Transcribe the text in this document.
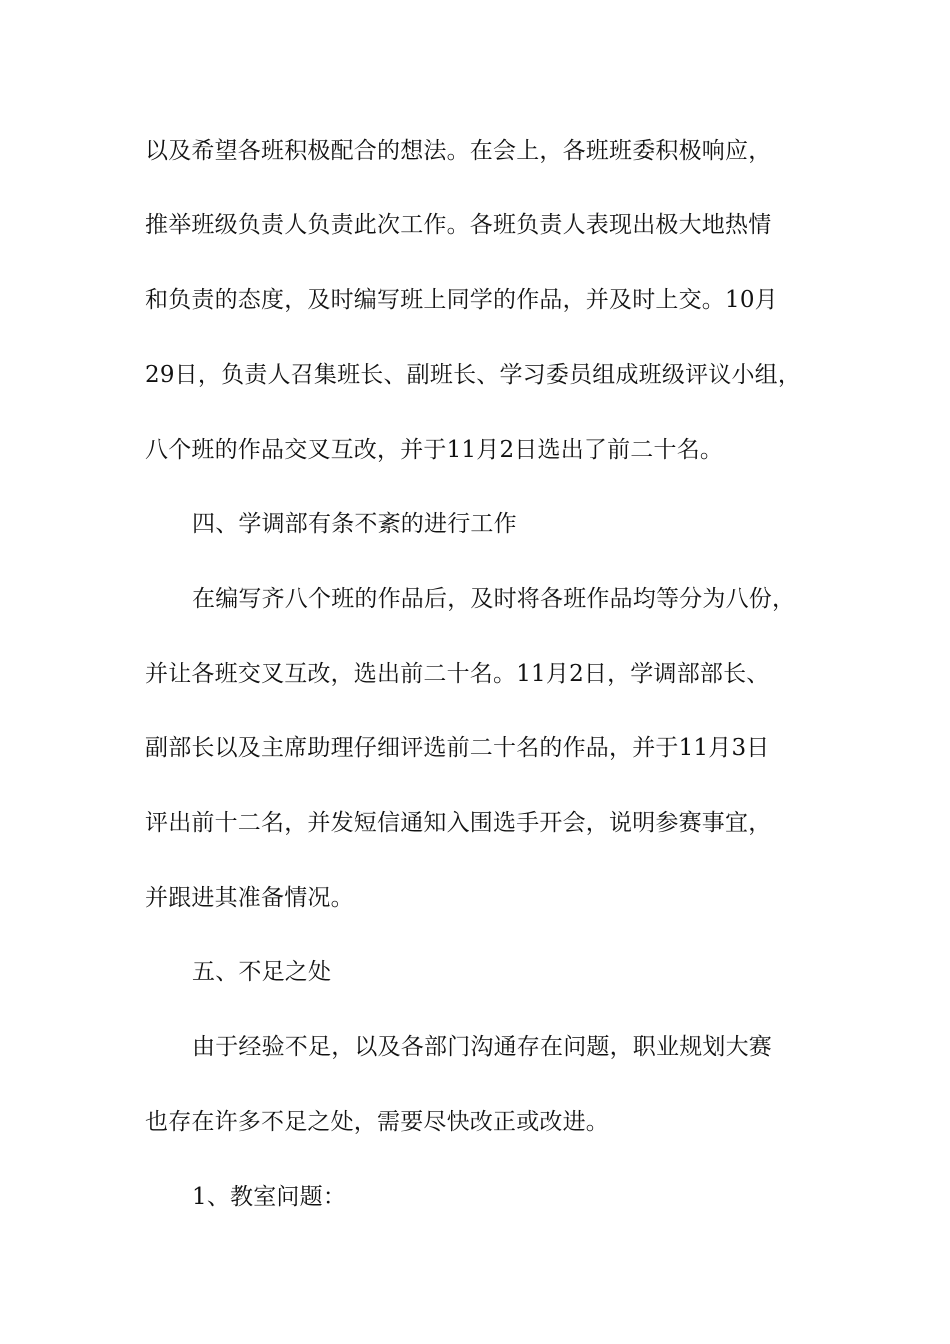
以及希望各班积极配合的想法。在会上，各班班委积极响应，
推举班级负责人负责此次工作。各班负责人表现出极大地热情
和负责的态度，及时编写班上同学的作品，并及时上交。10月
29日，负责人召集班长、副班长、学习委员组成班级评议小组，
八个班的作品交叉互改，并于11月2日选出了前二十名。
四、学调部有条不紊的进行工作
在编写齐八个班的作品后，及时将各班作品均等分为八份，
并让各班交叉互改，选出前二十名。11月2日，学调部部长、
副部长以及主席助理仔细评选前二十名的作品，并于11月3日
评出前十二名，并发短信通知入围选手开会，说明参赛事宜，
并跟进其准备情况。
五、不足之处
由于经验不足，以及各部门沟通存在问题，职业规划大赛
也存在许多不足之处，需要尽快改正或改进。
1、教室问题：
